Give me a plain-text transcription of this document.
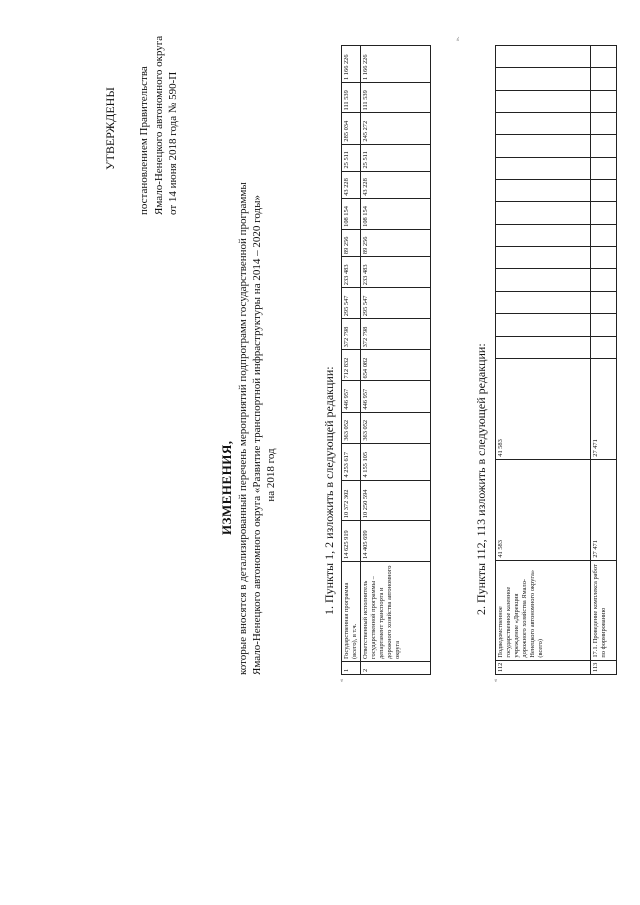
УТВЕРЖДЕНЫ постановлением Правительства Ямало-Ненецкого автономного округа от 14 июня 2018 года № 590-П
ИЗМЕНЕНИЯ, которые вносятся в детализированный перечень мероприятий подпрограмм государственной программы Ямало-Ненецкого автономного округа «Развитие транспортной инфраструктуры на 2014 – 2020 годы» на 2018 год	1. Пункты 1, 2 изложить в следующей редакции:
«
».
1	Государственная программа (всего), в т.ч.	14 625 919	10 372 302	4 253 617	363 052	446 957	712 832	372 798	295 547	233 483	89 256	108 154	43 228	25 511	285 034	111 539	1 166 226
2	Ответственный исполнитель государственной программы – департамент транспорта и дорожного хозяйства автономного округа	14 405 699	10 250 594	4 155 105	363 052	446 957	654 082	372 798	295 547	233 483	89 256	108 154	43 228	25 511	245 272	111 539	1 166 226
2. Пункты 112, 113 изложить в следующей редакции:
«
112	Подведомственное государственное казенное учреждение «Дирекция дорожного хозяйства Ямало-Ненецкого автономного округа» (всего)	41 583	41 583														
113	17.1. Проведение комплекса работ по формированию	27 471	27 471														
